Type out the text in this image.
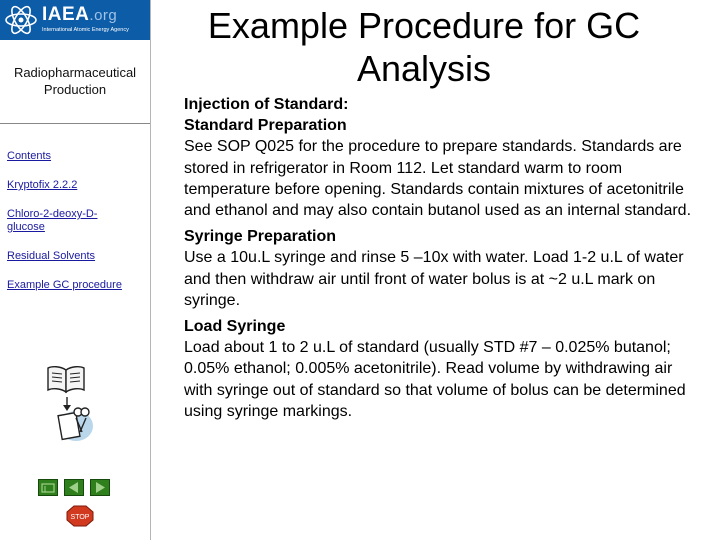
IAEA.org
International Atomic Energy Agency
Radiopharmaceutical
Production
Contents
Kryptofix 2.2.2
Chloro-2-deoxy-D-
glucose
Residual Solvents
Example GC procedure
STOP
Example Procedure for GC
Analysis

Injection of Standard:

Standard Preparation

See SOP Q025 for the procedure to prepare standards. Standards are stored in refrigerator in Room 112. Let standard warm to room temperature before opening. Standards contain mixtures of acetonitrile and ethanol and may also contain butanol used as an internal standard.

Syringe Preparation

Use a 10u.L syringe and rinse 5 –10x with water. Load 1-2 u.L of water and then withdraw air until front of water bolus is at ~2 u.L mark on syringe.

Load Syringe

Load about 1 to 2 u.L of standard (usually STD #7 – 0.025% butanol; 0.05% ethanol; 0.005% acetonitrile). Read volume by withdrawing air with syringe out of standard so that volume of bolus can be determined using syringe markings.
